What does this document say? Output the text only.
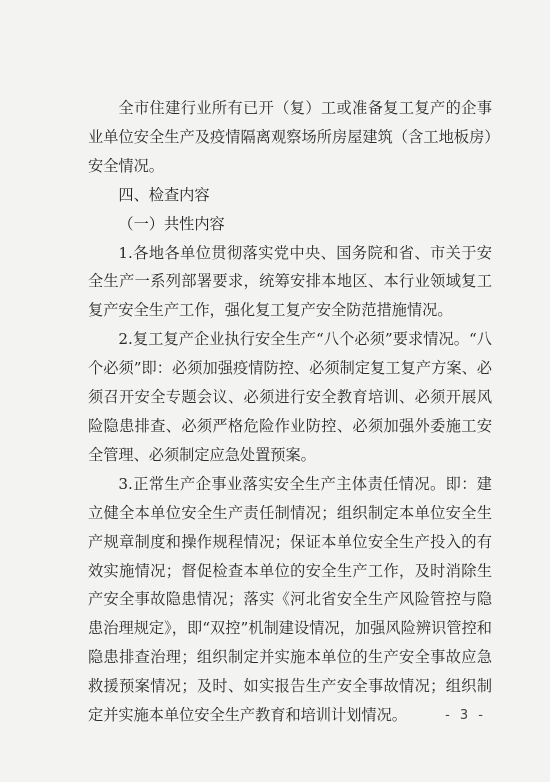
全市住建行业所有已开（复）工或准备复工复产的企事业单位安全生产及疫情隔离观察场所房屋建筑（含工地板房）安全情况。

四、检查内容
（一）共性内容

1.各地各单位贯彻落实党中央、国务院和省、市关于安全生产一系列部署要求，统筹安排本地区、本行业领域复工复产安全生产工作，强化复工复产安全防范措施情况。

2.复工复产企业执行安全生产“八个必须”要求情况。“八个必须”即：必须加强疫情防控、必须制定复工复产方案、必须召开安全专题会议、必须进行安全教育培训、必须开展风险隐患排查、必须严格危险作业防控、必须加强外委施工安全管理、必须制定应急处置预案。

3.正常生产企事业落实安全生产主体责任情况。即：建立健全本单位安全生产责任制情况；组织制定本单位安全生产规章制度和操作规程情况；保证本单位安全生产投入的有效实施情况；督促检查本单位的安全生产工作，及时消除生产安全事故隐患情况；落实《河北省安全生产风险管控与隐患治理规定》，即“双控”机制建设情况，加强风险辨识管控和隐患排查治理；组织制定并实施本单位的生产安全事故应急救援预案情况；及时、如实报告生产安全事故情况；组织制定并实施本单位安全生产教育和培训计划情况。	- 3 -
